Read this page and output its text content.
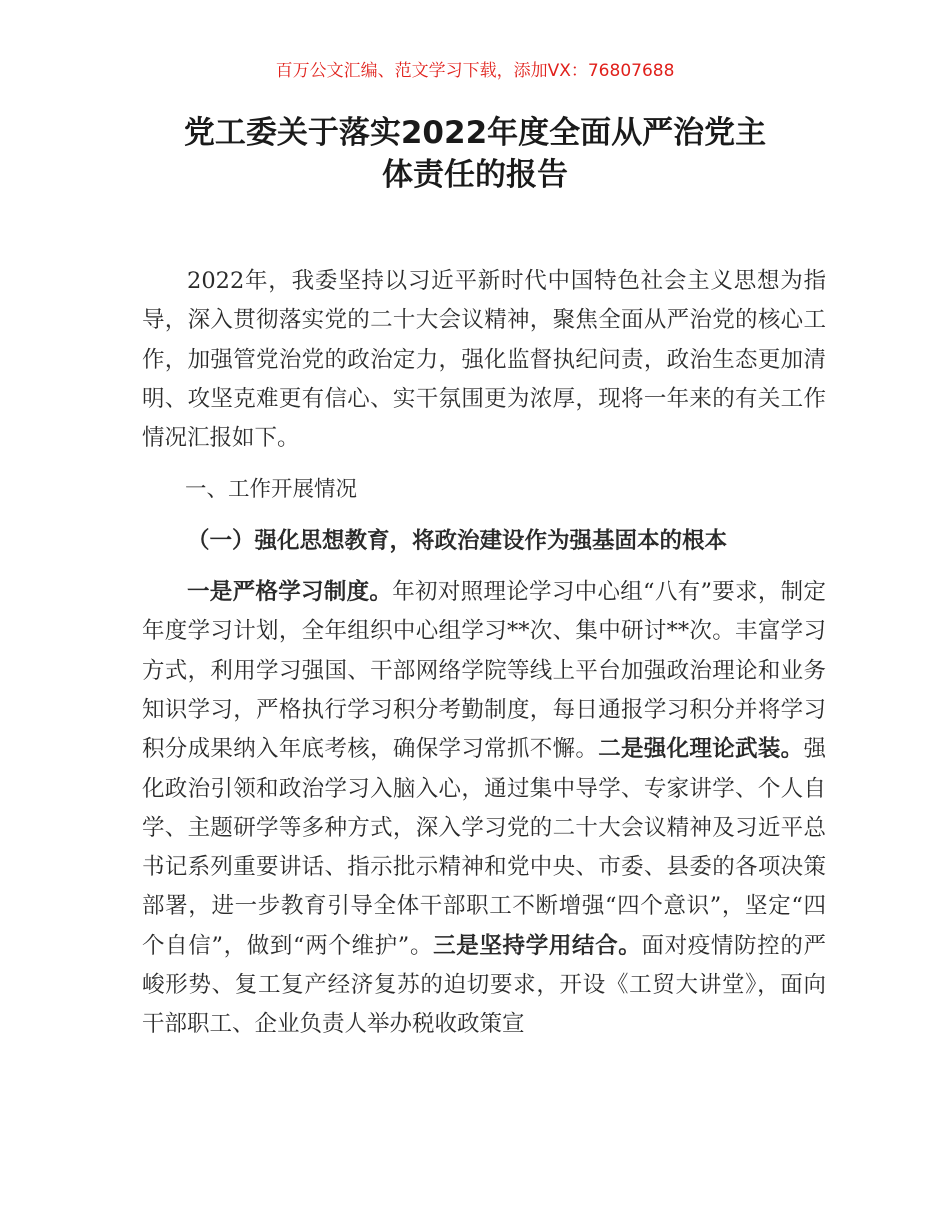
百万公文汇编、范文学习下载，添加VX：76807688
党工委关于落实2022年度全面从严治党主
体责任的报告

2022年，我委坚持以习近平新时代中国特色社会主义思想为指导，深入贯彻落实党的二十大会议精神，聚焦全面从严治党的核心工作，加强管党治党的政治定力，强化监督执纪问责，政治生态更加清明、攻坚克难更有信心、实干氛围更为浓厚，现将一年来的有关工作情况汇报如下。

一、工作开展情况

（一）强化思想教育，将政治建设作为强基固本的根本

一是严格学习制度。年初对照理论学习中心组“八有”要求，制定年度学习计划，全年组织中心组学习**次、集中研讨**次。丰富学习方式，利用学习强国、干部网络学院等线上平台加强政治理论和业务知识学习，严格执行学习积分考勤制度，每日通报学习积分并将学习积分成果纳入年底考核，确保学习常抓不懈。二是强化理论武装。强化政治引领和政治学习入脑入心，通过集中导学、专家讲学、个人自学、主题研学等多种方式，深入学习党的二十大会议精神及习近平总书记系列重要讲话、指示批示精神和党中央、市委、县委的各项决策部署，进一步教育引导全体干部职工不断增强“四个意识”，坚定“四个自信”，做到“两个维护”。三是坚持学用结合。面对疫情防控的严峻形势、复工复产经济复苏的迫切要求，开设《工贸大讲堂》，面向干部职工、企业负责人举办税收政策宣
